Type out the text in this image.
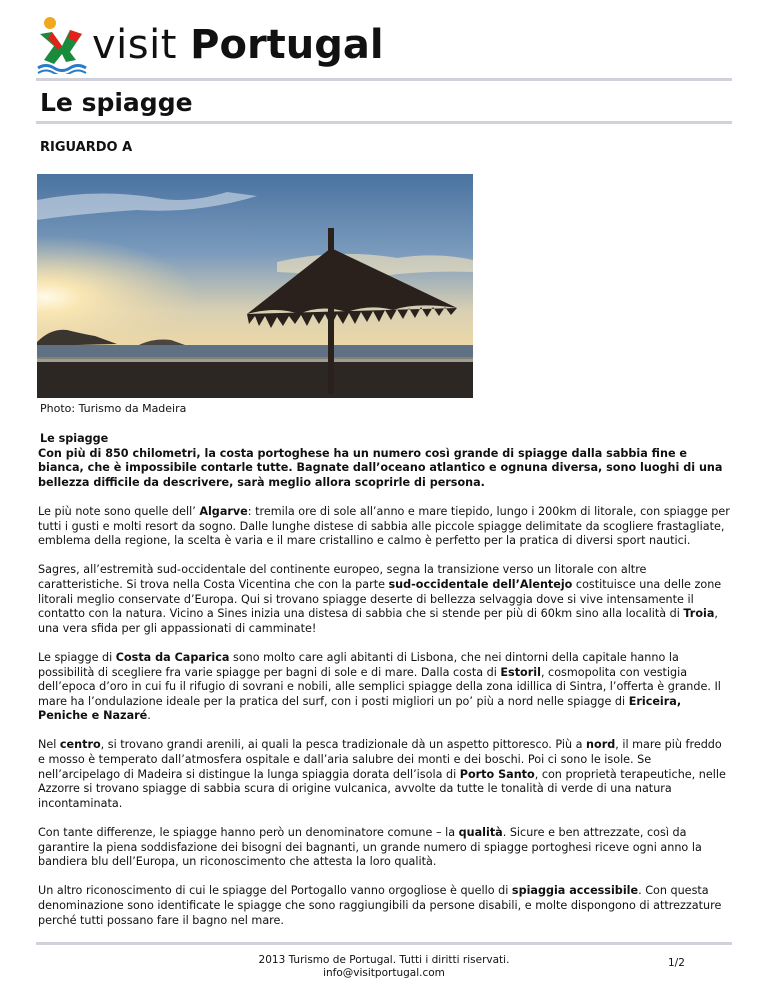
visit Portugal
Le spiagge
RIGUARDO A
Photo: Turismo da Madeira
Le spiagge

Con più di 850 chilometri, la costa portoghese ha un numero così grande di spiagge dalla sabbia fine e bianca, che è impossibile contarle tutte. Bagnate dall’oceano atlantico e ognuna diversa, sono luoghi di una bellezza difficile da descrivere, sarà meglio allora scoprirle di persona.

Le più note sono quelle dell’ Algarve: tremila ore di sole all’anno e mare tiepido, lungo i 200km di litorale, con spiagge per tutti i gusti e molti resort da sogno. Dalle lunghe distese di sabbia alle piccole spiagge delimitate da scogliere frastagliate, emblema della regione, la scelta è varia e il mare cristallino e calmo è perfetto per la pratica di diversi sport nautici.

Sagres, all’estremità sud-occidentale del continente europeo, segna la transizione verso un litorale con altre caratteristiche. Si trova nella Costa Vicentina che con la parte sud-occidentale dell’Alentejo costituisce una delle zone litorali meglio conservate d’Europa. Qui si trovano spiagge deserte di bellezza selvaggia dove si vive intensamente il contatto con la natura. Vicino a Sines inizia una distesa di sabbia che si stende per più di 60km sino alla località di Troia, una vera sfida per gli appassionati di camminate!

Le spiagge di Costa da Caparica sono molto care agli abitanti di Lisbona, che nei dintorni della capitale hanno la possibilità di scegliere fra varie spiagge per bagni di sole e di mare. Dalla costa di Estoril, cosmopolita con vestigia dell’epoca d’oro in cui fu il rifugio di sovrani e nobili, alle semplici spiagge della zona idillica di Sintra, l’offerta è grande. Il mare ha l’ondulazione ideale per la pratica del surf, con i posti migliori un po’ più a nord nelle spiagge di Ericeira, Peniche e Nazaré.

Nel centro, si trovano grandi arenili, ai quali la pesca tradizionale dà un aspetto pittoresco. Più a nord, il mare più freddo e mosso è temperato dall’atmosfera ospitale e dall’aria salubre dei monti e dei boschi. Poi ci sono le isole. Se nell’arcipelago di Madeira si distingue la lunga spiaggia dorata dell’isola di Porto Santo, con proprietà terapeutiche, nelle Azzorre si trovano spiagge di sabbia scura di origine vulcanica, avvolte da tutte le tonalità di verde di una natura incontaminata.

Con tante differenze, le spiagge hanno però un denominatore comune – la qualità. Sicure e ben attrezzate, così da garantire la piena soddisfazione dei bisogni dei bagnanti, un grande numero di spiagge portoghesi riceve ogni anno la bandiera blu dell’Europa, un riconoscimento che attesta la loro qualità.

Un altro riconoscimento di cui le spiagge del Portogallo vanno orgogliose è quello di spiaggia accessibile. Con questa denominazione sono identificate le spiagge che sono raggiungibili da persone disabili, e molte dispongono di attrezzature perché tutti possano fare il bagno nel mare.

2013 Turismo de Portugal. Tutti i diritti riservati.
info@visitportugal.com
1/2
